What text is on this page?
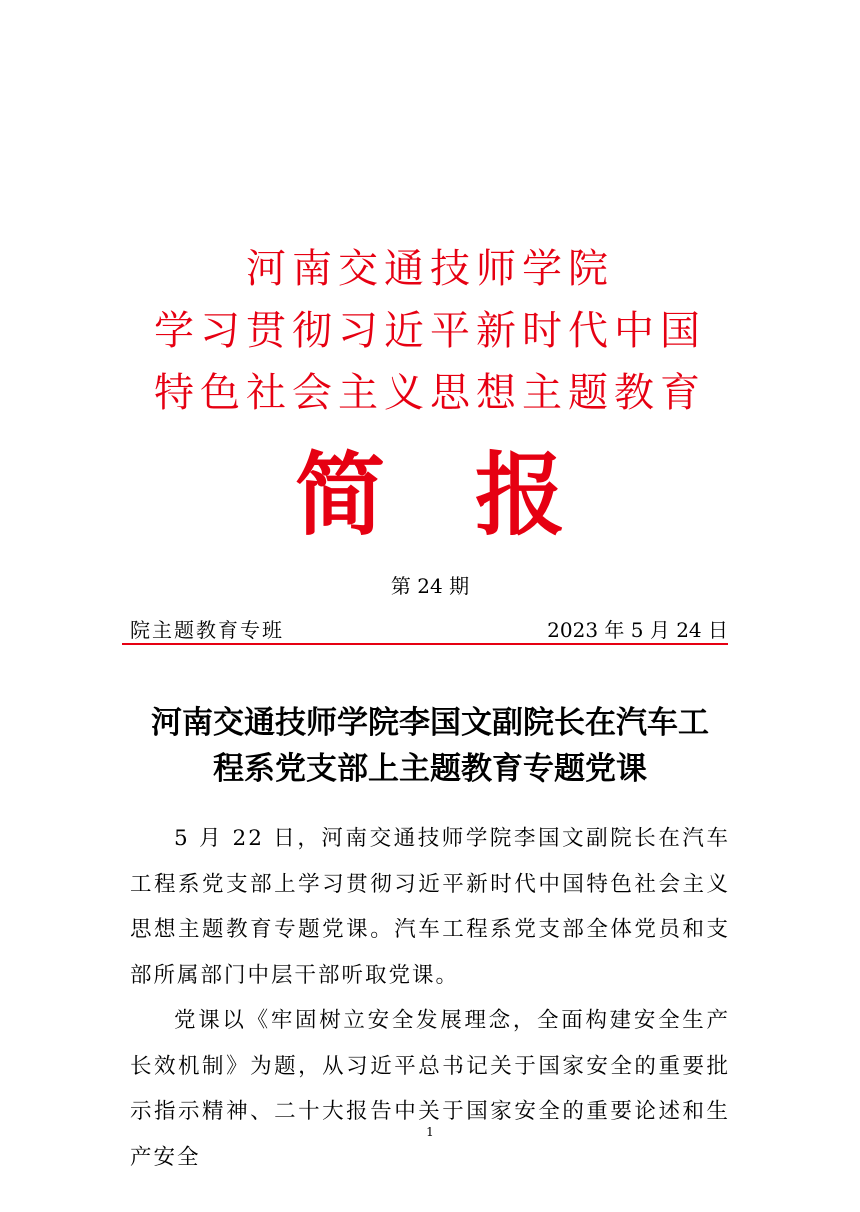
河南交通技师学院
学习贯彻习近平新时代中国
特色社会主义思想主题教育
简 报
第 24 期
院主题教育专班	2023 年 5 月 24 日
河南交通技师学院李国文副院长在汽车工
程系党支部上主题教育专题党课

5 月 22 日，河南交通技师学院李国文副院长在汽车工程系党支部上学习贯彻习近平新时代中国特色社会主义思想主题教育专题党课。汽车工程系党支部全体党员和支部所属部门中层干部听取党课。

党课以《牢固树立安全发展理念，全面构建安全生产长效机制》为题，从习近平总书记关于国家安全的重要批示指示精神、二十大报告中关于国家安全的重要论述和生产安全

1
